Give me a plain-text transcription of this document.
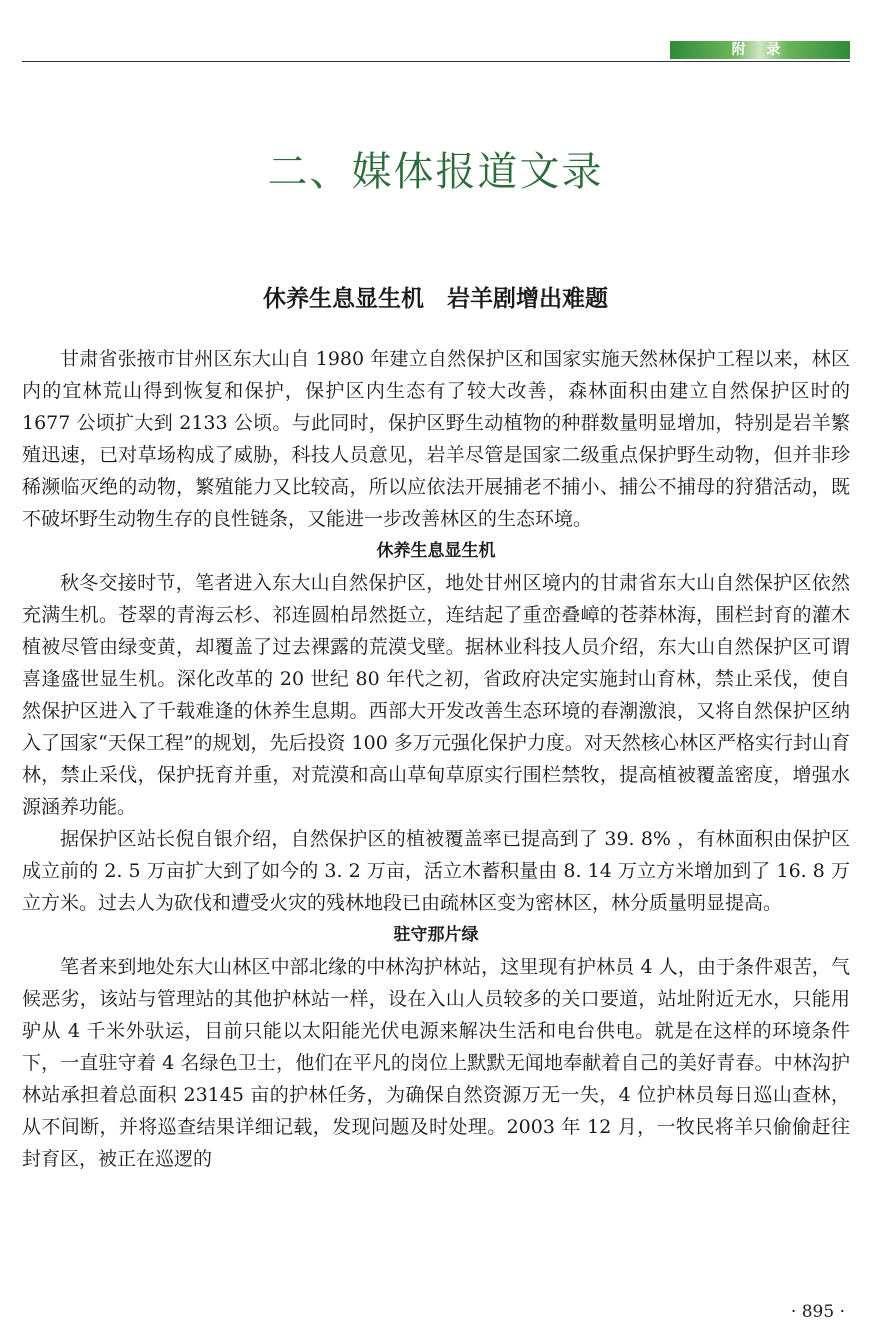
附 录
二、媒体报道文录
休养生息显生机　岩羊剧增出难题

甘肃省张掖市甘州区东大山自 1980 年建立自然保护区和国家实施天然林保护工程以来，林区内的宜林荒山得到恢复和保护，保护区内生态有了较大改善，森林面积由建立自然保护区时的 1677 公顷扩大到 2133 公顷。与此同时，保护区野生动植物的种群数量明显增加，特别是岩羊繁殖迅速，已对草场构成了威胁，科技人员意见，岩羊尽管是国家二级重点保护野生动物，但并非珍稀濒临灭绝的动物，繁殖能力又比较高，所以应依法开展捕老不捕小、捕公不捕母的狩猎活动，既不破坏野生动物生存的良性链条，又能进一步改善林区的生态环境。

休养生息显生机

秋冬交接时节，笔者进入东大山自然保护区，地处甘州区境内的甘肃省东大山自然保护区依然充满生机。苍翠的青海云杉、祁连圆柏昂然挺立，连结起了重峦叠嶂的苍莽林海，围栏封育的灌木植被尽管由绿变黄，却覆盖了过去裸露的荒漠戈壁。据林业科技人员介绍，东大山自然保护区可谓喜逢盛世显生机。深化改革的 20 世纪 80 年代之初，省政府决定实施封山育林，禁止采伐，使自然保护区进入了千载难逢的休养生息期。西部大开发改善生态环境的春潮激浪，又将自然保护区纳入了国家“天保工程”的规划，先后投资 100 多万元强化保护力度。对天然核心林区严格实行封山育林，禁止采伐，保护抚育并重，对荒漠和高山草甸草原实行围栏禁牧，提高植被覆盖密度，增强水源涵养功能。

据保护区站长倪自银介绍，自然保护区的植被覆盖率已提高到了 39. 8% ，有林面积由保护区成立前的 2. 5 万亩扩大到了如今的 3. 2 万亩，活立木蓄积量由 8. 14 万立方米增加到了 16. 8 万立方米。过去人为砍伐和遭受火灾的残林地段已由疏林区变为密林区，林分质量明显提高。

驻守那片绿

笔者来到地处东大山林区中部北缘的中林沟护林站，这里现有护林员 4 人，由于条件艰苦，气候恶劣，该站与管理站的其他护林站一样，设在入山人员较多的关口要道，站址附近无水，只能用驴从 4 千米外驮运，目前只能以太阳能光伏电源来解决生活和电台供电。就是在这样的环境条件下，一直驻守着 4 名绿色卫士，他们在平凡的岗位上默默无闻地奉献着自己的美好青春。中林沟护林站承担着总面积 23145 亩的护林任务，为确保自然资源万无一失，4 位护林员每日巡山查林，从不间断，并将巡查结果详细记载，发现问题及时处理。2003 年 12 月，一牧民将羊只偷偷赶往封育区，被正在巡逻的

· 895 ·
